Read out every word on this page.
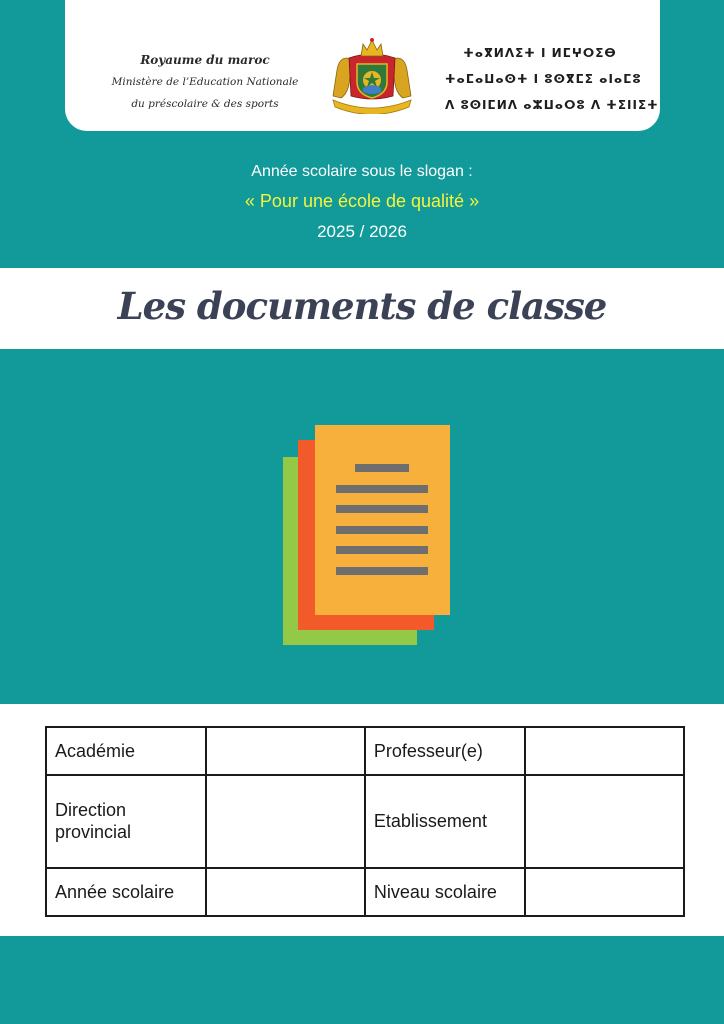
Royaume du maroc
Ministère de l’Education Nationale
du préscolaire & des sports
ⵜⴰⴳⵍⴷⵉⵜ ⵏ ⵍⵎⵖⵔⵉⴱ
ⵜⴰⵎⴰⵡⴰⵙⵜ ⵏ ⵓⵙⴳⵎⵉ ⴰⵏⴰⵎⵓ
ⴷ ⵓⵙⵏⵎⵍⴷ ⴰⵣⵡⴰⵔⵓ ⴷ ⵜⵉⵏⵏⵉⵜ
Année scolaire sous le slogan :
« Pour une école de qualité »
2025 / 2026
Les documents de classe
Académie		Professeur(e)	
Direction provincial		Etablissement	
Année scolaire		Niveau scolaire	
